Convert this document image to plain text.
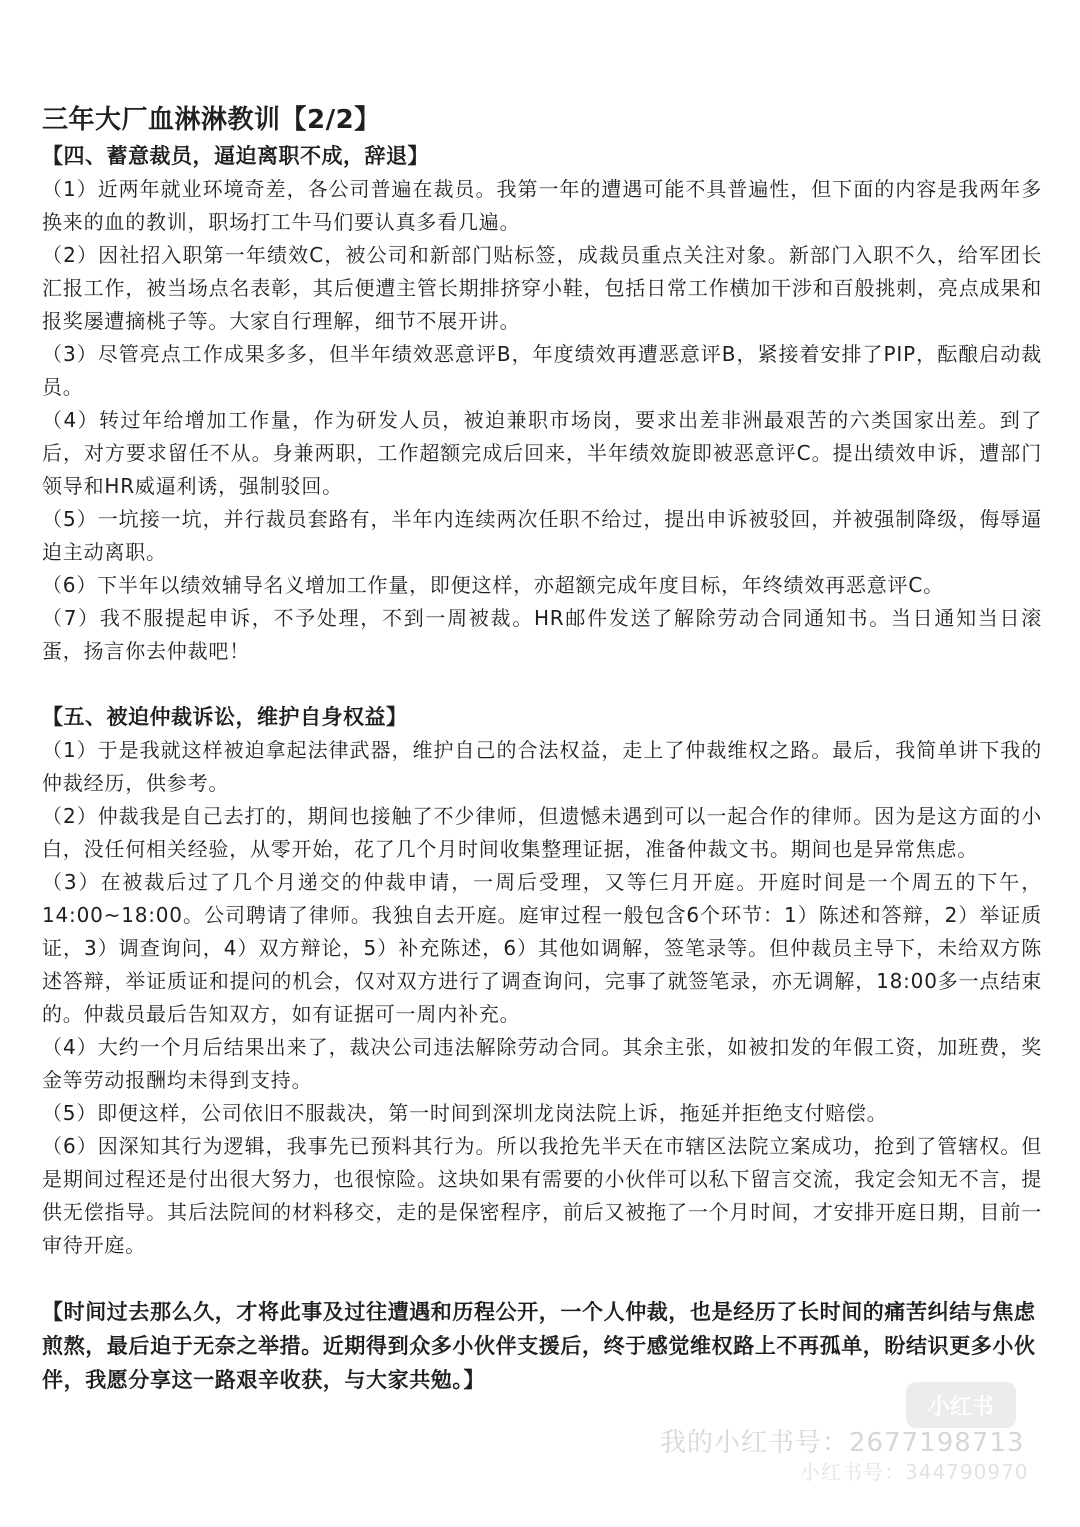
三年大厂血淋淋教训【2/2】
【四、蓄意裁员，逼迫离职不成，辞退】

（1）近两年就业环境奇差，各公司普遍在裁员。我第一年的遭遇可能不具普遍性，但下面的内容是我两年多换来的血的教训，职场打工牛马们要认真多看几遍。

（2）因社招入职第一年绩效C，被公司和新部门贴标签，成裁员重点关注对象。新部门入职不久，给军团长汇报工作，被当场点名表彰，其后便遭主管长期排挤穿小鞋，包括日常工作横加干涉和百般挑刺，亮点成果和报奖屡遭摘桃子等。大家自行理解，细节不展开讲。

（3）尽管亮点工作成果多多，但半年绩效恶意评B，年度绩效再遭恶意评B，紧接着安排了PIP，酝酿启动裁员。

（4）转过年给增加工作量，作为研发人员，被迫兼职市场岗，要求出差非洲最艰苦的六类国家出差。到了后，对方要求留任不从。身兼两职，工作超额完成后回来，半年绩效旋即被恶意评C。提出绩效申诉，遭部门领导和HR威逼利诱，强制驳回。

（5）一坑接一坑，并行裁员套路有，半年内连续两次任职不给过，提出申诉被驳回，并被强制降级，侮辱逼迫主动离职。

（6）下半年以绩效辅导名义增加工作量，即便这样，亦超额完成年度目标，年终绩效再恶意评C。

（7）我不服提起申诉，不予处理，不到一周被裁。HR邮件发送了解除劳动合同通知书。当日通知当日滚蛋，扬言你去仲裁吧！

【五、被迫仲裁诉讼，维护自身权益】

（1）于是我就这样被迫拿起法律武器，维护自己的合法权益，走上了仲裁维权之路。最后，我简单讲下我的仲裁经历，供参考。

（2）仲裁我是自己去打的，期间也接触了不少律师，但遗憾未遇到可以一起合作的律师。因为是这方面的小白，没任何相关经验，从零开始，花了几个月时间收集整理证据，准备仲裁文书。期间也是异常焦虑。

（3）在被裁后过了几个月递交的仲裁申请，一周后受理，又等仨月开庭。开庭时间是一个周五的下午，14:00~18:00。公司聘请了律师。我独自去开庭。庭审过程一般包含6个环节：1）陈述和答辩，2）举证质证，3）调查询问，4）双方辩论，5）补充陈述，6）其他如调解，签笔录等。但仲裁员主导下，未给双方陈述答辩，举证质证和提问的机会，仅对双方进行了调查询问，完事了就签笔录，亦无调解，18:00多一点结束的。仲裁员最后告知双方，如有证据可一周内补充。

（4）大约一个月后结果出来了，裁决公司违法解除劳动合同。其余主张，如被扣发的年假工资，加班费，奖金等劳动报酬均未得到支持。

（5）即便这样，公司依旧不服裁决，第一时间到深圳龙岗法院上诉，拖延并拒绝支付赔偿。

（6）因深知其行为逻辑，我事先已预料其行为。所以我抢先半天在市辖区法院立案成功，抢到了管辖权。但是期间过程还是付出很大努力，也很惊险。这块如果有需要的小伙伴可以私下留言交流，我定会知无不言，提供无偿指导。其后法院间的材料移交，走的是保密程序，前后又被拖了一个月时间，才安排开庭日期，目前一审待开庭。

【时间过去那么久，才将此事及过往遭遇和历程公开，一个人仲裁，也是经历了长时间的痛苦纠结与焦虑煎熬，最后迫于无奈之举措。近期得到众多小伙伴支援后，终于感觉维权路上不再孤单，盼结识更多小伙伴，我愿分享这一路艰辛收获，与大家共勉。】

小红书
我的小红书号：2677198713
小红书号：344790970
